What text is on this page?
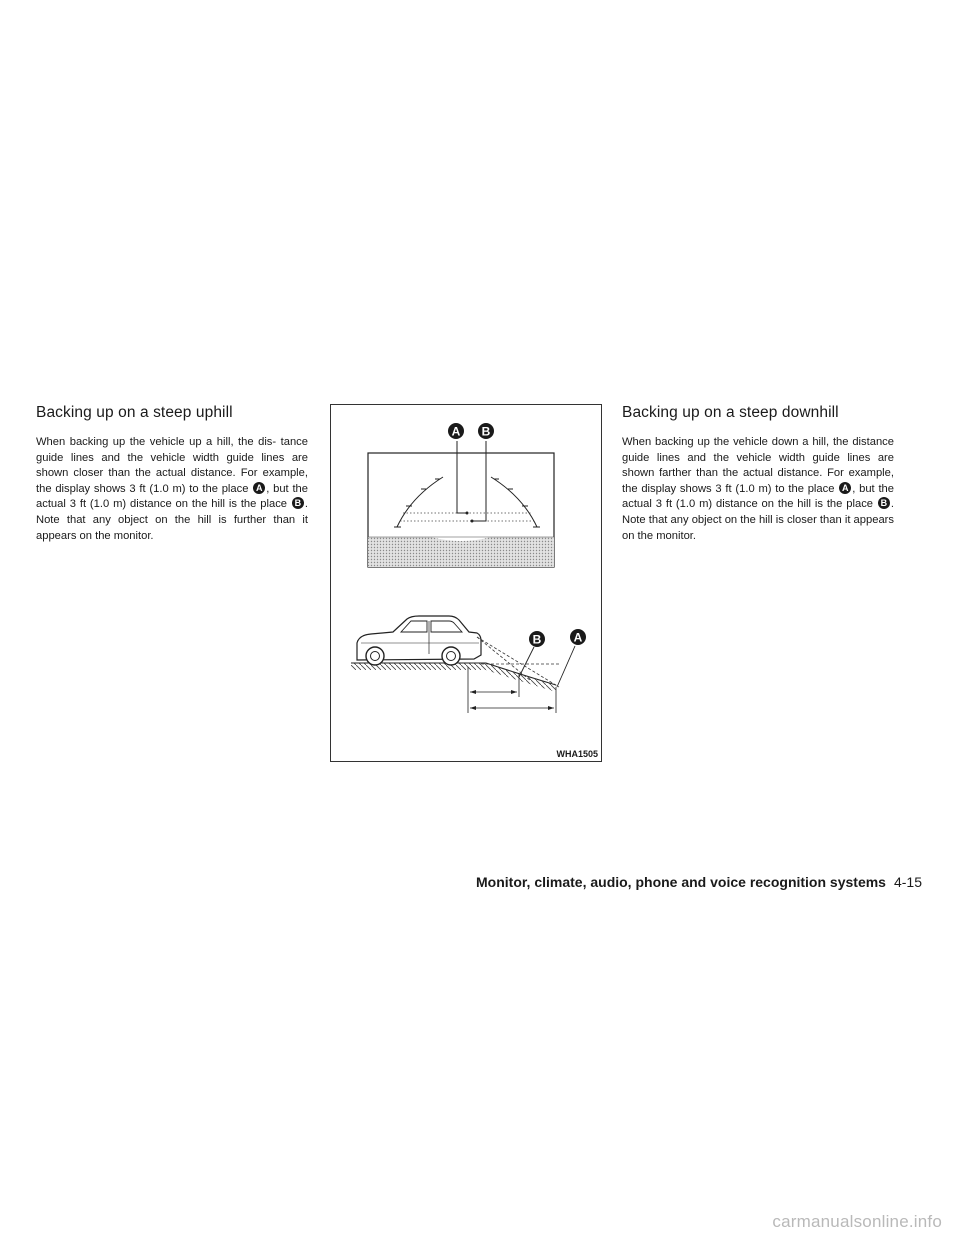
Backing up on a steep uphill

When backing up the vehicle up a hill, the dis- tance guide lines and the vehicle width guide lines are shown closer than the actual distance. For example, the display shows 3 ft (1.0 m) to the place A , but the actual 3 ft (1.0 m) distance on the hill is the place B . Note that any object on the hill is further than it appears on the monitor.

A B
B	A
WHA1505
Backing up on a steep downhill

When backing up the vehicle down a hill, the distance guide lines and the vehicle width guide lines are shown farther than the actual distance. For example, the display shows 3 ft (1.0 m) to the place A , but the actual 3 ft (1.0 m) distance on the hill is the place B . Note that any object on the hill is closer than it appears on the monitor.

Monitor, climate, audio, phone and voice recognition systems 4-15
carmanualsonline.info
